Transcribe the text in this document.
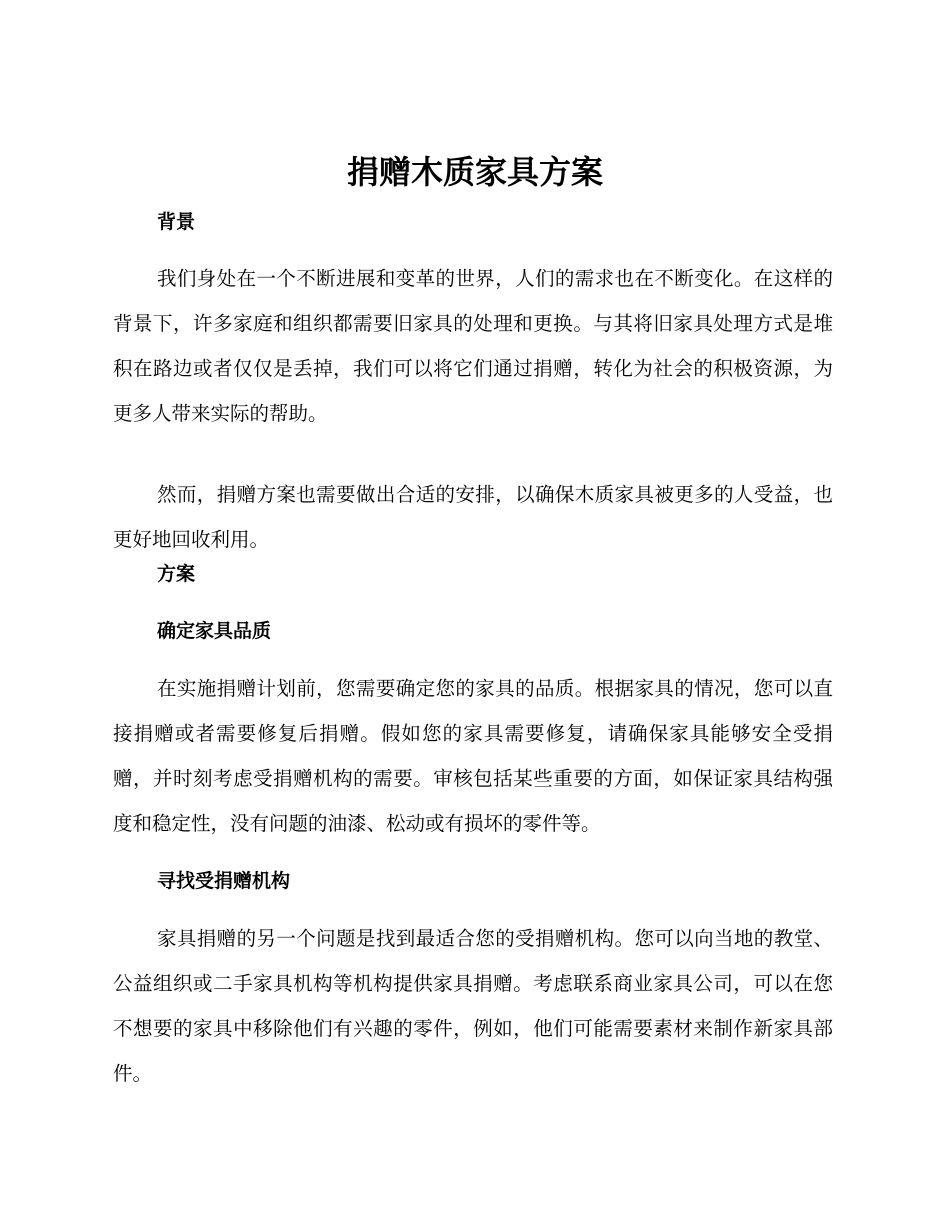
捐赠木质家具方案
背景

我们身处在一个不断进展和变革的世界，人们的需求也在不断变化。在这样的背景下，许多家庭和组织都需要旧家具的处理和更换。与其将旧家具处理方式是堆积在路边或者仅仅是丢掉，我们可以将它们通过捐赠，转化为社会的积极资源，为更多人带来实际的帮助。

然而，捐赠方案也需要做出合适的安排，以确保木质家具被更多的人受益，也更好地回收利用。

方案
确定家具品质

在实施捐赠计划前，您需要确定您的家具的品质。根据家具的情况，您可以直接捐赠或者需要修复后捐赠。假如您的家具需要修复，请确保家具能够安全受捐赠，并时刻考虑受捐赠机构的需要。审核包括某些重要的方面，如保证家具结构强度和稳定性，没有问题的油漆、松动或有损坏的零件等。

寻找受捐赠机构

家具捐赠的另一个问题是找到最适合您的受捐赠机构。您可以向当地的教堂、公益组织或二手家具机构等机构提供家具捐赠。考虑联系商业家具公司，可以在您不想要的家具中移除他们有兴趣的零件，例如，他们可能需要素材来制作新家具部件。
